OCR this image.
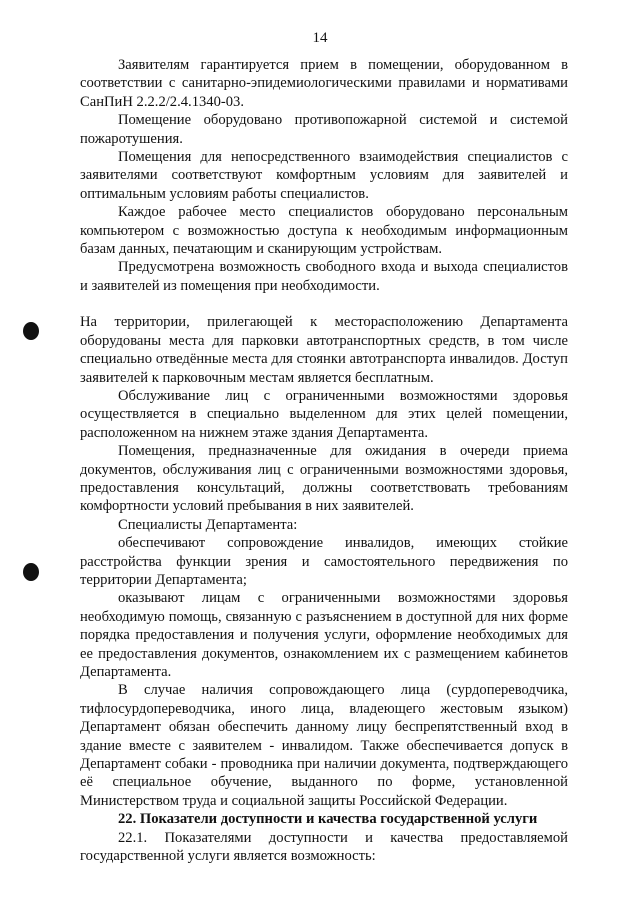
14

Заявителям гарантируется прием в помещении, оборудованном в соответствии с санитарно-эпидемиологическими правилами и нормативами СанПиН 2.2.2/2.4.1340-03.

Помещение оборудовано противопожарной системой и системой пожаротушения.

Помещения для непосредственного взаимодействия специалистов с заявителями соответствуют комфортным условиям для заявителей и оптимальным условиям работы специалистов.

Каждое рабочее место специалистов оборудовано персональным компьютером с возможностью доступа к необходимым информационным базам данных, печатающим и сканирующим устройствам.

Предусмотрена возможность свободного входа и выхода специалистов и заявителей из помещения при необходимости.

На территории, прилегающей к месторасположению Департамента оборудованы места для парковки автотранспортных средств, в том числе специально отведённые места для стоянки автотранспорта инвалидов. Доступ заявителей к парковочным местам является бесплатным.

Обслуживание лиц с ограниченными возможностями здоровья осуществляется в специально выделенном для этих целей помещении, расположенном на нижнем этаже здания Департамента.

Помещения, предназначенные для ожидания в очереди приема документов, обслуживания лиц с ограниченными возможностями здоровья, предоставления консультаций, должны соответствовать требованиям комфортности условий пребывания в них заявителей.

Специалисты Департамента:

обеспечивают сопровождение инвалидов, имеющих стойкие расстройства функции зрения и самостоятельного передвижения по территории Департамента;

оказывают лицам с ограниченными возможностями здоровья необходимую помощь, связанную с разъяснением в доступной для них форме порядка предоставления и получения услуги, оформление необходимых для ее предоставления документов, ознакомлением их с размещением кабинетов Департамента.

В случае наличия сопровождающего лица (сурдопереводчика, тифлосурдопереводчика, иного лица, владеющего жестовым языком) Департамент обязан обеспечить данному лицу беспрепятственный вход в здание вместе с заявителем - инвалидом. Также обеспечивается допуск в Департамент собаки - проводника при наличии документа, подтверждающего её специальное обучение, выданного по форме, установленной Министерством труда и социальной защиты Российской Федерации.

22. Показатели доступности и качества государственной услуги

22.1. Показателями доступности и качества предоставляемой государственной услуги является возможность:
